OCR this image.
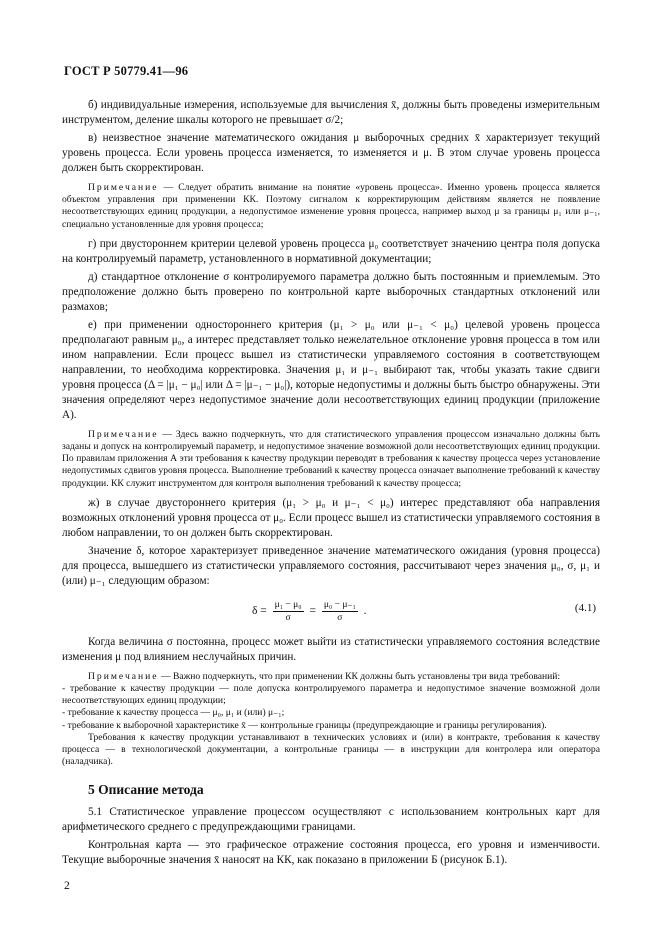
ГОСТ Р 50779.41—96

б) индивидуальные измерения, используемые для вычисления x̄, должны быть проведены измерительным инструментом, деление шкалы которого не превышает σ/2;

в) неизвестное значение математического ожидания μ выборочных средних x̄ характеризует текущий уровень процесса. Если уровень процесса изменяется, то изменяется и μ. В этом случае уровень процесса должен быть скорректирован.

Примечание — Следует обратить внимание на понятие «уровень процесса». Именно уровень процесса является объектом управления при применении КК. Поэтому сигналом к корректирующим действиям является не появление несоответствующих единиц продукции, а недопустимое изменение уровня процесса, например выход μ за границы μ₁ или μ₋₁, специально установленные для уровня процесса;

г) при двустороннем критерии целевой уровень процесса μ₀ соответствует значению центра поля допуска на контролируемый параметр, установленного в нормативной документации;

д) стандартное отклонение σ контролируемого параметра должно быть постоянным и приемлемым. Это предположение должно быть проверено по контрольной карте выборочных стандартных отклонений или размахов;

е) при применении одностороннего критерия (μ₁ > μ₀ или μ₋₁ < μ₀) целевой уровень процесса предполагают равным μ₀, а интерес представляет только нежелательное отклонение уровня процесса в том или ином направлении. Если процесс вышел из статистически управляемого состояния в соответствующем направлении, то необходима корректировка. Значения μ₁ и μ₋₁ выбирают так, чтобы указать такие сдвиги уровня процесса (Δ = |μ₁ − μ₀| или Δ = |μ₋₁ − μ₀|), которые недопустимы и должны быть быстро обнаружены. Эти значения определяют через недопустимое значение доли несоответствующих единиц продукции (приложение А).

Примечание — Здесь важно подчеркнуть, что для статистического управления процессом изначально должны быть заданы и допуск на контролируемый параметр, и недопустимое значение возможной доли несоответствующих единиц продукции. По правилам приложения А эти требования к качеству продукции переводят в требования к качеству процесса через установление недопустимых сдвигов уровня процесса. Выполнение требований к качеству процесса означает выполнение требований к качеству продукции. КК служит инструментом для контроля выполнения требований к качеству процесса;

ж) в случае двустороннего критерия (μ₁ > μ₀ и μ₋₁ < μ₀) интерес представляют оба направления возможных отклонений уровня процесса от μ₀. Если процесс вышел из статистически управляемого состояния в любом направлении, то он должен быть скорректирован.

Значение δ, которое характеризует приведенное значение математического ожидания (уровня процесса) для процесса, вышедшего из статистически управляемого состояния, рассчитывают через значения μ₀, σ, μ₁ и (или) μ₋₁ следующим образом:

$\delta = \frac{\text{μ₁ − μ₀}}{\sigma} = \frac{\text{μ₀ − μ₋₁}}{\sigma}$ .	(4.1)

Когда величина σ постоянна, процесс может выйти из статистически управляемого состояния вследствие изменения μ под влиянием неслучайных причин.

Примечание — Важно подчеркнуть, что при применении КК должны быть установлены три вида требований:

- требование к качеству продукции — поле допуска контролируемого параметра и недопустимое значение возможной доли несоответствующих единиц продукции;

- требование к качеству процесса — μ₀, μ₁ и (или) μ₋₁;

- требование к выборочной характеристике x̄ — контрольные границы (предупреждающие и границы регулирования).

Требования к качеству продукции устанавливают в технических условиях и (или) в контракте, требования к качеству процесса — в технологической документации, а контрольные границы — в инструкции для контролера или оператора (наладчика).

5 Описание метода

5.1 Статистическое управление процессом осуществляют с использованием контрольных карт для арифметического среднего с предупреждающими границами.

Контрольная карта — это графическое отражение состояния процесса, его уровня и изменчивости. Текущие выборочные значения x̄ наносят на КК, как показано в приложении Б (рисунок Б.1).

2
